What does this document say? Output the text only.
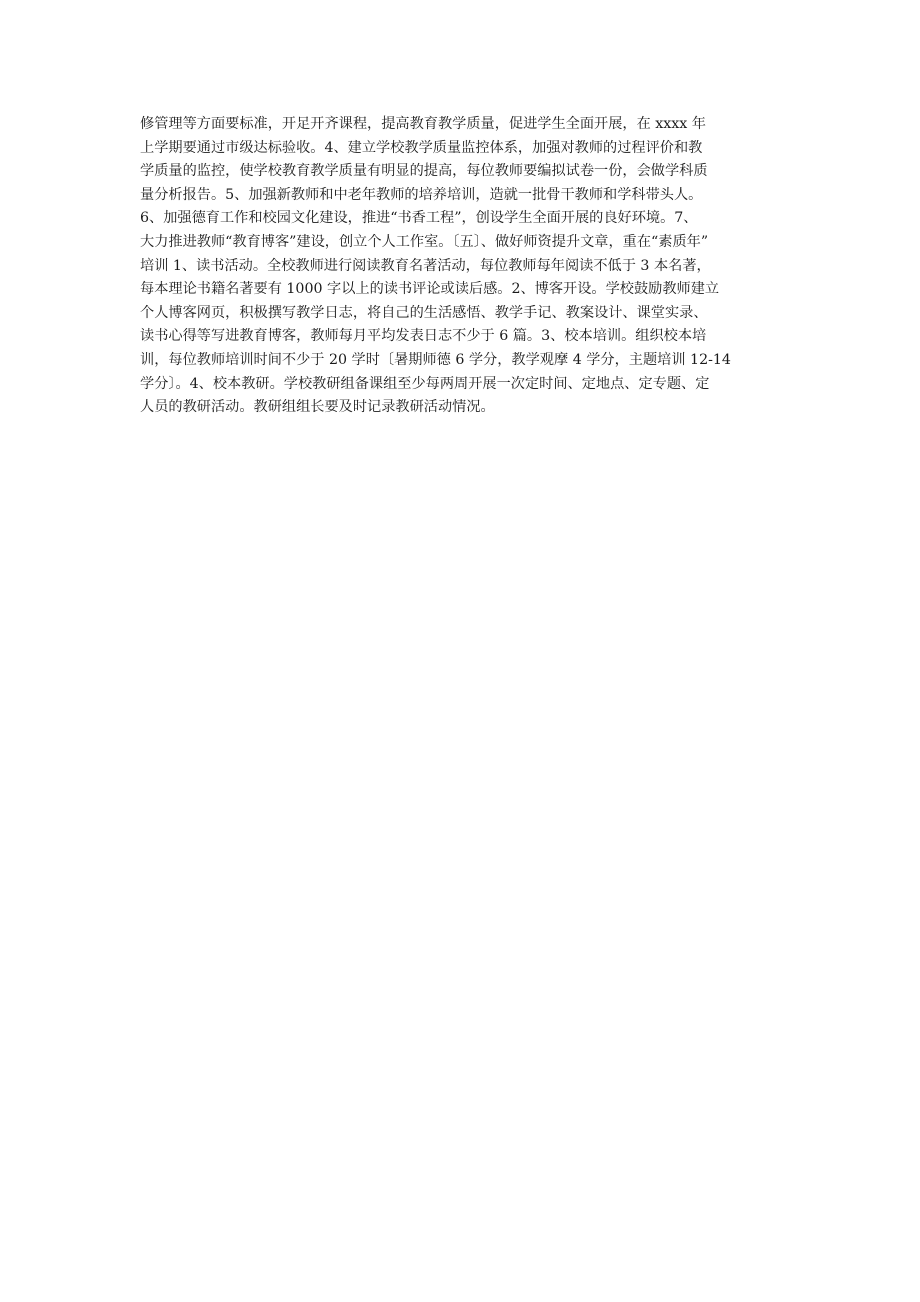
修管理等方面要标准，开足开齐课程，提高教育教学质量，促进学生全面开展，在 xxxx 年
上学期要通过市级达标验收。4、建立学校教学质量监控体系，加强对教师的过程评价和教
学质量的监控，使学校教育教学质量有明显的提高，每位教师要编拟试卷一份，会做学科质
量分析报告。5、加强新教师和中老年教师的培养培训，造就一批骨干教师和学科带头人。
6、加强德育工作和校园文化建设，推进“书香工程”，创设学生全面开展的良好环境。7、
大力推进教师“教育博客”建设，创立个人工作室。〔五〕、做好师资提升文章，重在“素质年”
培训 1、读书活动。全校教师进行阅读教育名著活动，每位教师每年阅读不低于 3 本名著，
每本理论书籍名著要有 1000 字以上的读书评论或读后感。2、博客开设。学校鼓励教师建立
个人博客网页，积极撰写教学日志，将自己的生活感悟、教学手记、教案设计、课堂实录、
读书心得等写进教育博客，教师每月平均发表日志不少于 6 篇。3、校本培训。组织校本培
训，每位教师培训时间不少于 20 学时〔暑期师德 6 学分，教学观摩 4 学分，主题培训 12-14
学分〕。4、校本教研。学校教研组备课组至少每两周开展一次定时间、定地点、定专题、定
人员的教研活动。教研组组长要及时记录教研活动情况。
